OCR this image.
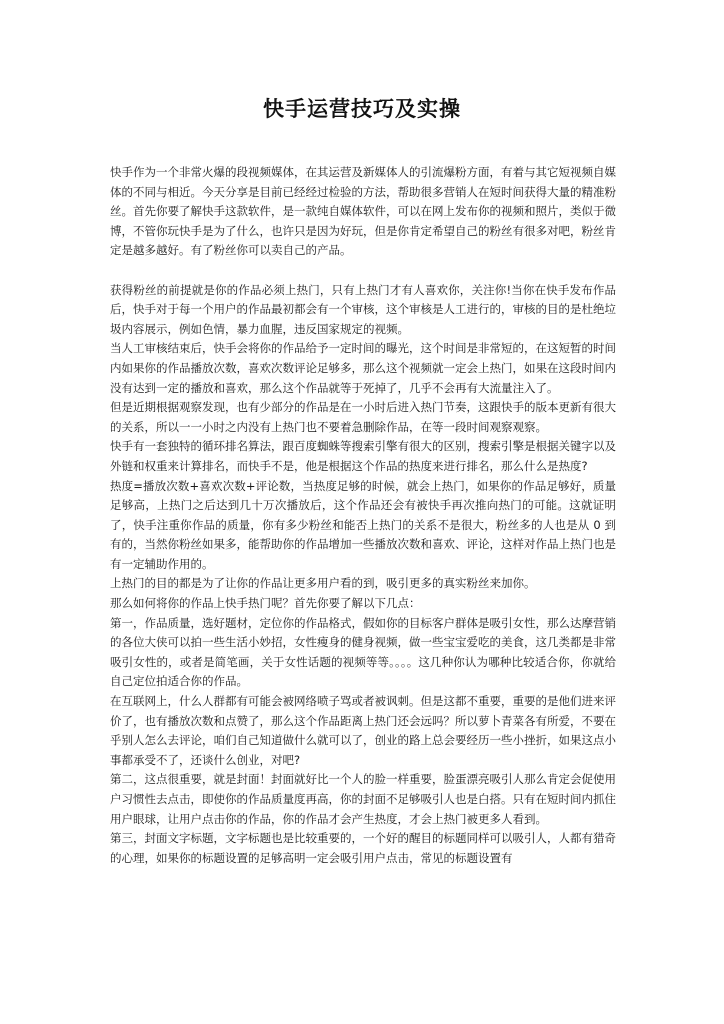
快手运营技巧及实操

快手作为一个非常火爆的段视频媒体，在其运营及新媒体人的引流爆粉方面，有着与其它短视频自媒体的不同与相近。今天分享是目前已经经过检验的方法，帮助很多营销人在短时间获得大量的精准粉丝。首先你要了解快手这款软件，是一款纯自媒体软件，可以在网上发布你的视频和照片，类似于微博，不管你玩快手是为了什么，也许只是因为好玩，但是你肯定希望自己的粉丝有很多对吧，粉丝肯定是越多越好。有了粉丝你可以卖自己的产品。

获得粉丝的前提就是你的作品必须上热门，只有上热门才有人喜欢你，关注你!当你在快手发布作品后，快手对于每一个用户的作品最初都会有一个审核，这个审核是人工进行的，审核的目的是杜绝垃圾内容展示，例如色情，暴力血腥，违反国家规定的视频。

当人工审核结束后，快手会将你的作品给予一定时间的曝光，这个时间是非常短的，在这短暂的时间内如果你的作品播放次数，喜欢次数评论足够多，那么这个视频就一定会上热门，如果在这段时间内没有达到一定的播放和喜欢，那么这个作品就等于死掉了，几乎不会再有大流量注入了。

但是近期根据观察发现，也有少部分的作品是在一小时后进入热门节奏，这跟快手的版本更新有很大的关系，所以一一小时之内没有上热门也不要着急删除作品，在等一段时间观察观察。

快手有一套独特的循环排名算法，跟百度蜘蛛等搜索引擎有很大的区别，搜索引擎是根据关键字以及外链和权重来计算排名，而快手不是，他是根据这个作品的热度来进行排名，那么什么是热度?

热度=播放次数+喜欢次数+评论数，当热度足够的时候，就会上热门，如果你的作品足够好，质量足够高，上热门之后达到几十万次播放后，这个作品还会有被快手再次推向热门的可能。这就证明了，快手注重你作品的质量，你有多少粉丝和能否上热门的关系不是很大，粉丝多的人也是从 0 到有的，当然你粉丝如果多，能帮助你的作品增加一些播放次数和喜欢、评论，这样对作品上热门也是有一定辅助作用的。

上热门的目的都是为了让你的作品让更多用户看的到，吸引更多的真实粉丝来加你。

那么如何将你的作品上快手热门呢？首先你要了解以下几点：

第一，作品质量，选好题材，定位你的作品格式，假如你的目标客户群体是吸引女性，那么达摩营销的各位大侠可以拍一些生活小妙招，女性瘦身的健身视频，做一些宝宝爱吃的美食，这几类都是非常吸引女性的，或者是简笔画，关于女性话题的视频等等。。。。这几种你认为哪种比较适合你，你就给自己定位拍适合你的作品。

在互联网上，什么人群都有可能会被网络喷子骂或者被讽刺。但是这都不重要，重要的是他们进来评价了，也有播放次数和点赞了，那么这个作品距离上热门还会远吗？所以萝卜青菜各有所爱，不要在乎别人怎么去评论，咱们自己知道做什么就可以了，创业的路上总会要经历一些小挫折，如果这点小事都承受不了，还谈什么创业，对吧?

第二，这点很重要，就是封面！封面就好比一个人的脸一样重要，脸蛋漂亮吸引人那么肯定会促使用户习惯性去点击，即使你的作品质量度再高，你的封面不足够吸引人也是白搭。只有在短时间内抓住用户眼球，让用户点击你的作品，你的作品才会产生热度，才会上热门被更多人看到。

第三，封面文字标题，文字标题也是比较重要的，一个好的醒目的标题同样可以吸引人，人都有猎奇的心理，如果你的标题设置的足够高明一定会吸引用户点击，常见的标题设置有
